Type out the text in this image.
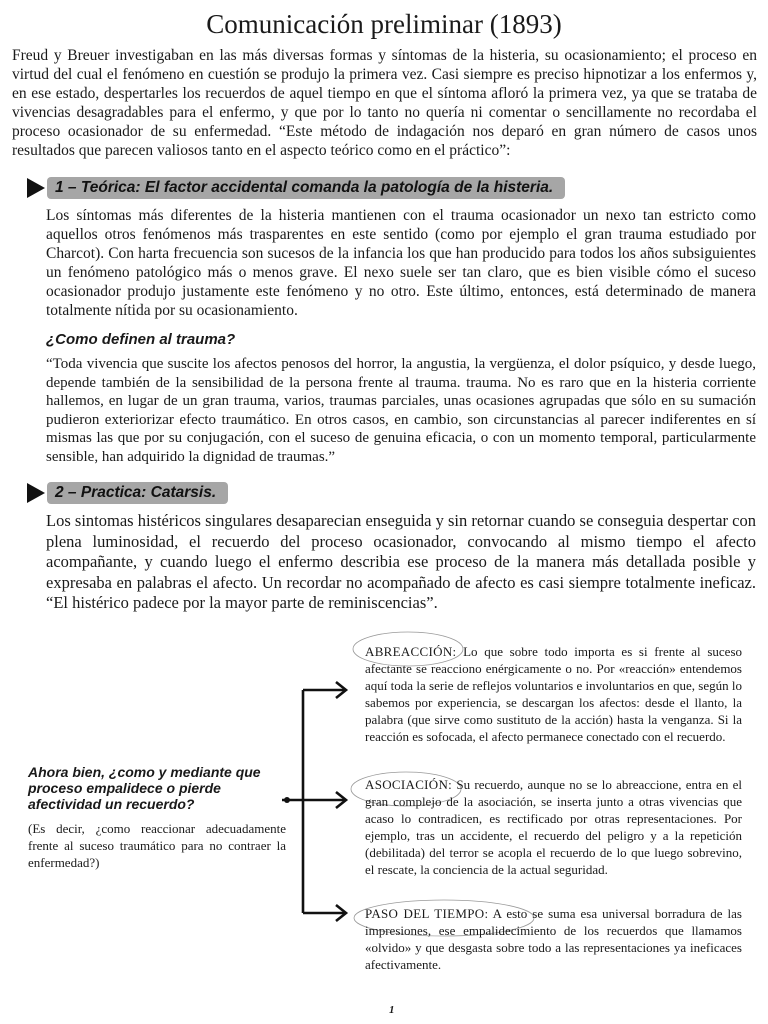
Comunicación preliminar (1893)

Freud y Breuer investigaban en las más diversas formas y síntomas de la histeria, su ocasionamiento; el proceso en virtud del cual el fenómeno en cuestión se produjo la primera vez. Casi siempre es preciso hipnotizar a los enfermos y, en ese estado, despertarles los recuerdos de aquel tiempo en que el síntoma afloró la primera vez, ya que se trataba de vivencias desagradables para el enfermo, y que por lo tanto no quería ni comentar o sencillamente no recordaba el proceso ocasionador de su enfermedad. “Este método de indagación nos deparó en gran número de casos unos resultados que parecen valiosos tanto en el aspecto teórico como en el práctico”:

1 – Teórica: El factor accidental comanda la patología de la histeria.

Los síntomas más diferentes de la histeria mantienen con el trauma ocasionador un nexo tan estricto como aquellos otros fenómenos más trasparentes en este sentido (como por ejemplo el gran trauma estudiado por Charcot). Con harta frecuencia son sucesos de la infancia los que han producido para todos los años subsiguientes un fenómeno patológico más o menos grave. El nexo suele ser tan claro, que es bien visible cómo el suceso ocasionador produjo justamente este fenómeno y no otro. Este último, entonces, está determinado de manera totalmente nítida por su ocasionamiento.

¿Como definen al trauma?

“Toda vivencia que suscite los afectos penosos del horror, la angustia, la vergüenza, el dolor psíquico, y desde luego, depende también de la sensibilidad de la persona frente al trauma. trauma. No es raro que en la histeria corriente hallemos, en lugar de un gran trauma, varios, traumas parciales, unas ocasiones agrupadas que sólo en su sumación pudieron exteriorizar efecto traumático. En otros casos, en cambio, son circunstancias al parecer indiferentes en sí mismas las que por su conjugación, con el suceso de genuina eficacia, o con un momento temporal, particularmente sensible, han adquirido la dignidad de traumas.”

2 – Practica: Catarsis.

Los sintomas histéricos singulares desaparecian enseguida y sin retornar cuando se conseguia despertar con plena luminosidad, el recuerdo del proceso ocasionador, convocando al mismo tiempo el afecto acompañante, y cuando luego el enfermo describia ese proceso de la manera más detallada posible y expresaba en palabras el afecto. Un recordar no acompañado de afecto es casi siempre totalmente ineficaz. “El histérico padece por la mayor parte de reminiscencias”.

Ahora bien, ¿como y mediante que proceso empalidece o pierde afectividad un recuerdo?

(Es decir, ¿como reaccionar adecuadamente frente al suceso traumático para no contraer la enfermedad?)

ABREACCIÓN: Lo que sobre todo importa es si frente al suceso afectante se reacciono enérgicamente o no. Por «reacción» entendemos aquí toda la serie de reflejos voluntarios e involuntarios en que, según lo sabemos por experiencia, se descargan los afectos: desde el llanto, la palabra (que sirve como sustituto de la acción) hasta la venganza. Si la reacción es sofocada, el afecto permanece conectado con el recuerdo.

ASOCIACIÓN: Su recuerdo, aunque no se lo abreaccione, entra en el gran complejo de la asociación, se inserta junto a otras vivencias que acaso lo contradicen, es rectificado por otras representaciones. Por ejemplo, tras un accidente, el recuerdo del peligro y a la repetición (debilitada) del terror se acopla el recuerdo de lo que luego sobrevino, el rescate, la conciencia de la actual seguridad.

PASO DEL TIEMPO: A esto se suma esa universal borradura de las impresiones, ese empalidecimiento de los recuerdos que llamamos «olvido» y que desgasta sobre todo a las representaciones ya ineficaces afectivamente.

1
